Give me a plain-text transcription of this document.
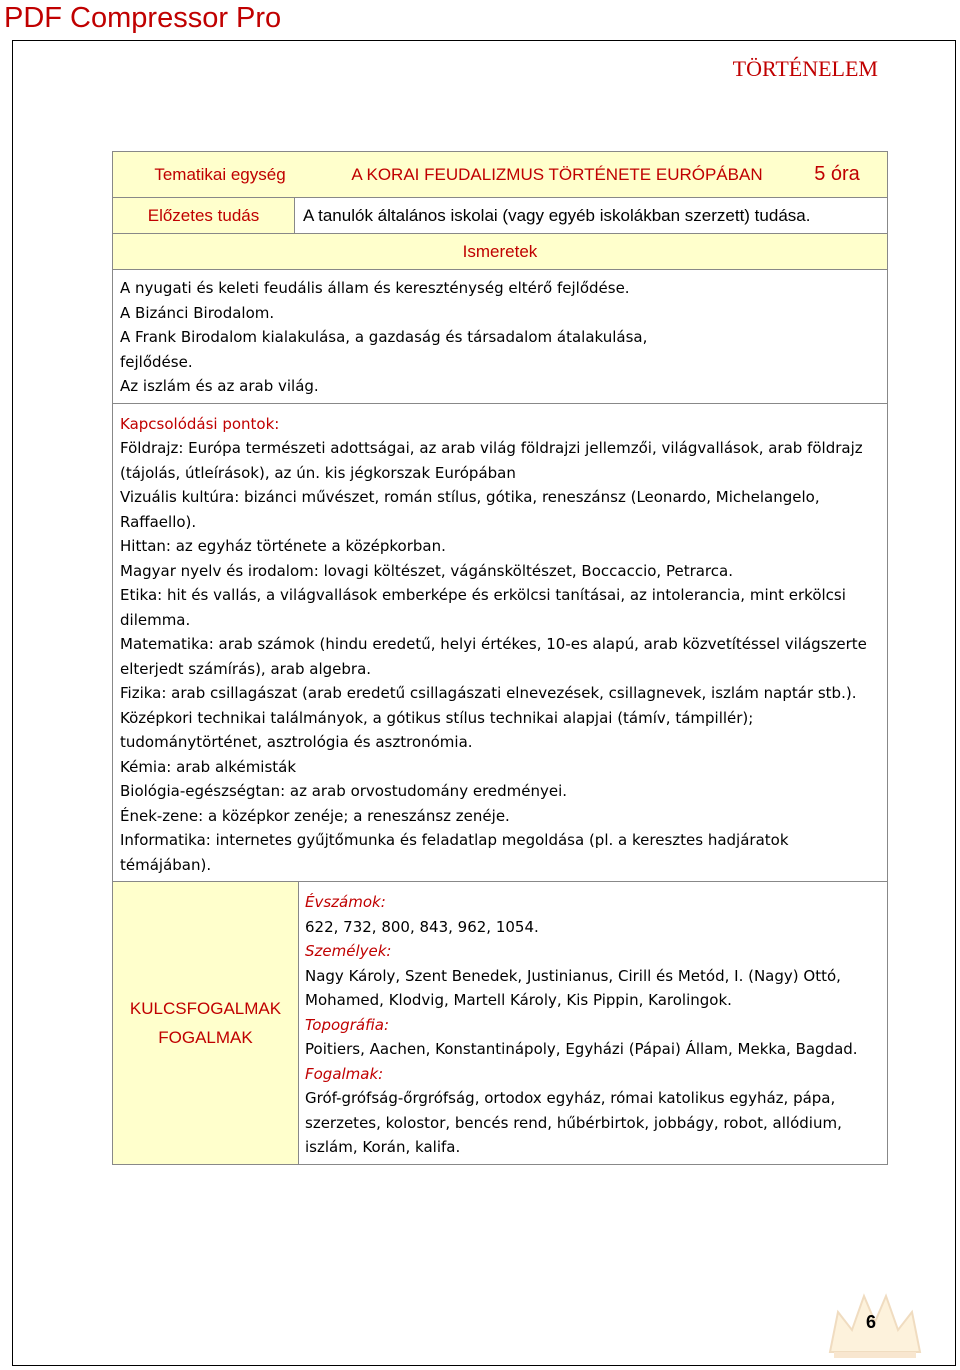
PDF Compressor Pro
TÖRTÉNELEM
Tematikai egység	A KORAI FEUDALIZMUS TÖRTÉNETE EURÓPÁBAN	5 óra
Előzetes tudás	A tanulók általános iskolai (vagy egyéb iskolákban szerzett) tudása.
Ismeretek

A nyugati és keleti feudális állam és kereszténység eltérő fejlődése.

A Bizánci Birodalom.

A Frank Birodalom kialakulása, a gazdaság és társadalom átalakulása, fejlődése.

Az iszlám és az arab világ.

Kapcsolódási pontok:

Földrajz: Európa természeti adottságai, az arab világ földrajzi jellemzői, világvallások, arab földrajz (tájolás, útleírások), az ún. kis jégkorszak Európában

Vizuális kultúra: bizánci művészet, román stílus, gótika, reneszánsz (Leonardo, Michelangelo, Raffaello).

Hittan: az egyház története a középkorban.

Magyar nyelv és irodalom: lovagi költészet, vágánsköltészet, Boccaccio, Petrarca.

Etika: hit és vallás, a világvallások emberképe és erkölcsi tanításai, az intolerancia, mint erkölcsi dilemma.

Matematika: arab számok (hindu eredetű, helyi értékes, 10-es alapú, arab közvetítéssel világszerte elterjedt számírás), arab algebra.

Fizika: arab csillagászat (arab eredetű csillagászati elnevezések, csillagnevek, iszlám naptár stb.). Középkori technikai találmányok, a gótikus stílus technikai alapjai (támív, támpillér); tudománytörténet, asztrológia és asztronómia.

Kémia: arab alkémisták

Biológia-egészségtan: az arab orvostudomány eredményei.

Ének-zene: a középkor zenéje; a reneszánsz zenéje.

Informatika: internetes gyűjtőmunka és feladatlap megoldása (pl. a keresztes hadjáratok témájában).

KULCSFOGALMAK
FOGALMAK

Évszámok:

622, 732, 800, 843, 962, 1054.

Személyek:

Nagy Károly, Szent Benedek, Justinianus, Cirill és Metód, I. (Nagy) Ottó, Mohamed, Klodvig, Martell Károly, Kis Pippin, Karolingok.

Topográfia:

Poitiers, Aachen, Konstantinápoly, Egyházi (Pápai) Állam, Mekka, Bagdad.

Fogalmak:

Gróf-grófság-őrgrófság, ortodox egyház, római katolikus egyház, pápa, szerzetes, kolostor, bencés rend, hűbérbirtok, jobbágy, robot, allódium, iszlám, Korán, kalifa.

6
